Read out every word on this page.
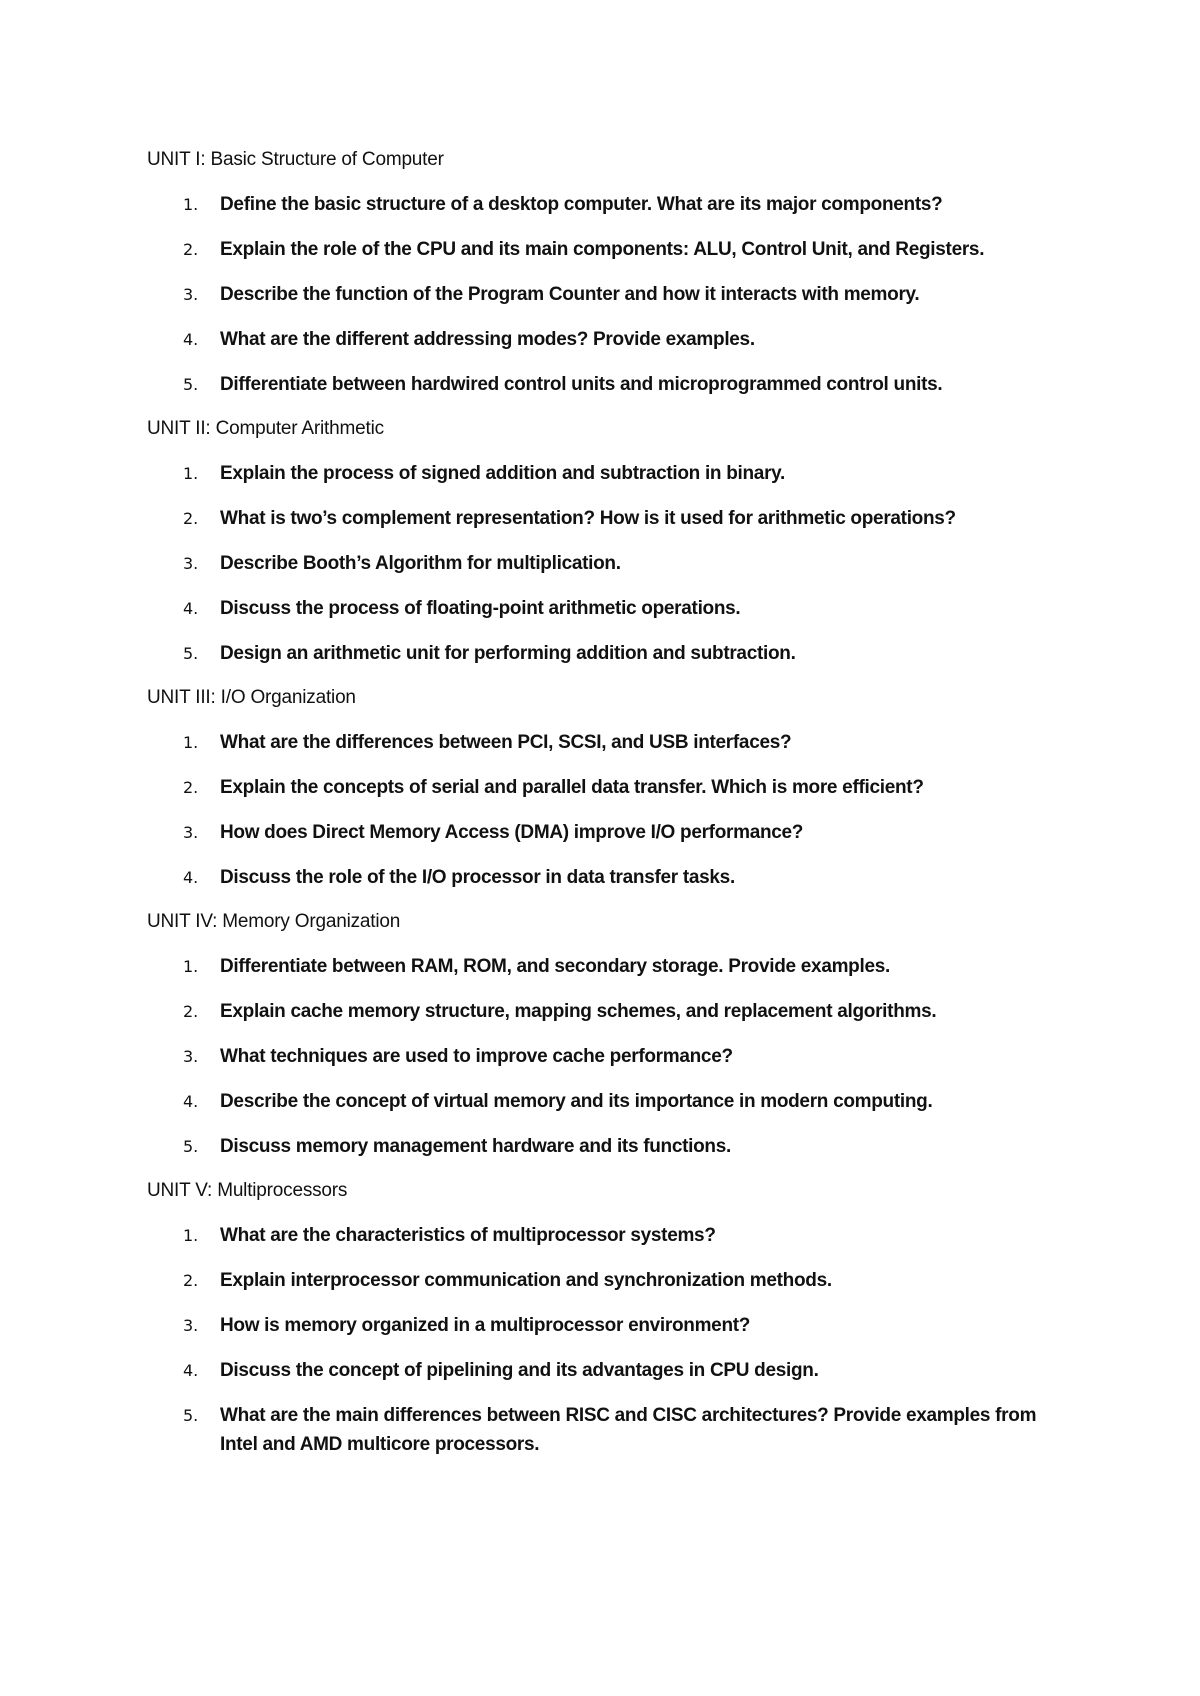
UNIT I: Basic Structure of Computer
1. Define the basic structure of a desktop computer. What are its major components?
2. Explain the role of the CPU and its main components: ALU, Control Unit, and Registers.
3. Describe the function of the Program Counter and how it interacts with memory.
4. What are the different addressing modes? Provide examples.
5. Differentiate between hardwired control units and microprogrammed control units.
UNIT II: Computer Arithmetic
1. Explain the process of signed addition and subtraction in binary.
2. What is two’s complement representation? How is it used for arithmetic operations?
3. Describe Booth’s Algorithm for multiplication.
4. Discuss the process of floating-point arithmetic operations.
5. Design an arithmetic unit for performing addition and subtraction.
UNIT III: I/O Organization
1. What are the differences between PCI, SCSI, and USB interfaces?
2. Explain the concepts of serial and parallel data transfer. Which is more efficient?
3. How does Direct Memory Access (DMA) improve I/O performance?
4. Discuss the role of the I/O processor in data transfer tasks.
UNIT IV: Memory Organization
1. Differentiate between RAM, ROM, and secondary storage. Provide examples.
2. Explain cache memory structure, mapping schemes, and replacement algorithms.
3. What techniques are used to improve cache performance?
4. Describe the concept of virtual memory and its importance in modern computing.
5. Discuss memory management hardware and its functions.
UNIT V: Multiprocessors
1. What are the characteristics of multiprocessor systems?
2. Explain interprocessor communication and synchronization methods.
3. How is memory organized in a multiprocessor environment?
4. Discuss the concept of pipelining and its advantages in CPU design.
5. What are the main differences between RISC and CISC architectures? Provide examples from Intel and AMD multicore processors.
